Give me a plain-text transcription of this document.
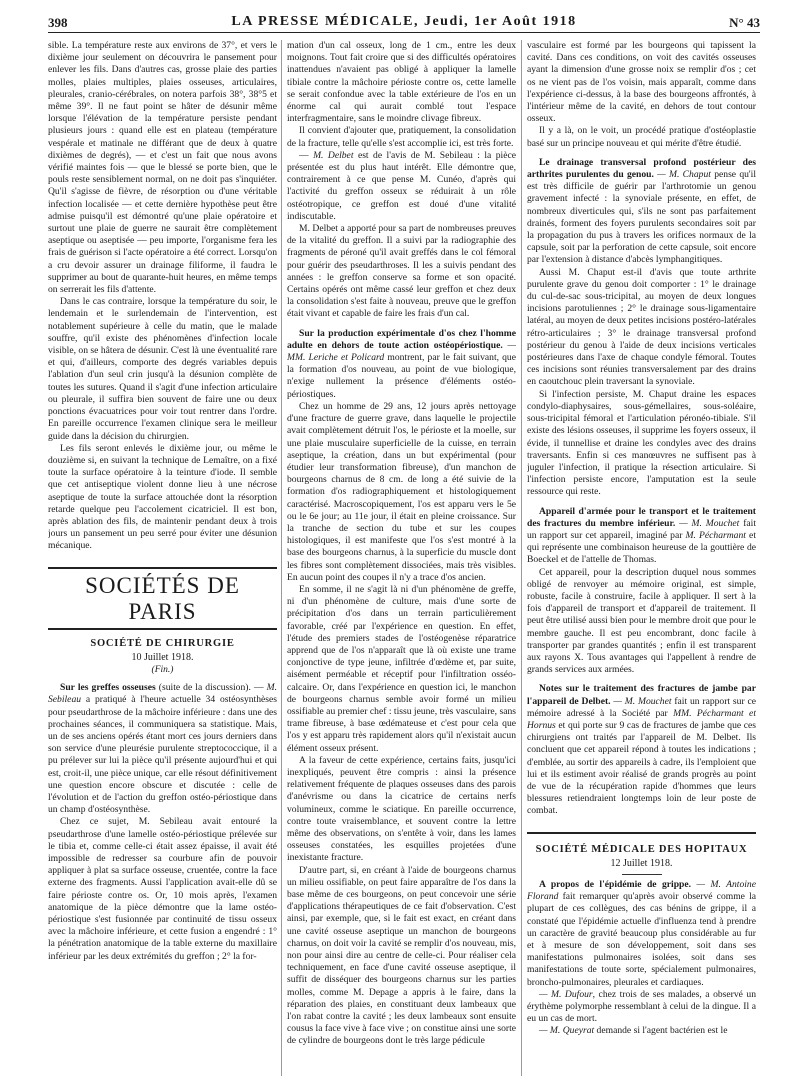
398	LA PRESSE MÉDICALE, Jeudi, 1er Août 1918	N° 43

sible. La température reste aux environs de 37°, et vers le dixième jour seulement on découvrira le pansement pour enlever les fils. Dans d'autres cas, grosse plaie des parties molles, plaies multiples, plaies osseuses, articulaires, pleurales, cranio-cérébrales, on notera parfois 38°, 38°5 et même 39°. Il ne faut point se hâter de désunir même lorsque l'élévation de la température persiste pendant plusieurs jours : quand elle est en plateau (température vespérale et matinale ne différant que de deux à quatre dixièmes de degrés), — et c'est un fait que nous avons vérifié maintes fois — que le blessé se porte bien, que le pouls reste sensiblement normal, on ne doit pas s'inquiéter. Qu'il s'agisse de fièvre, de résorption ou d'une véritable infection localisée — et cette dernière hypothèse peut être admise puisqu'il est démontré qu'une plaie opératoire et surtout une plaie de guerre ne saurait être complètement aseptique ou aseptisée — peu importe, l'organisme fera les frais de guérison si l'acte opératoire a été correct. Lorsqu'on a cru devoir assurer un drainage filiforme, il faudra le supprimer au bout de quarante-huit heures, en même temps on serrerait les fils d'attente.

Dans le cas contraire, lorsque la température du soir, le lendemain et le surlendemain de l'intervention, est notablement supérieure à celle du matin, que le malade souffre, qu'il existe des phénomènes d'infection locale visible, on se hâtera de désunir. C'est là une éventualité rare et qui, d'ailleurs, comporte des degrés variables depuis l'ablation d'un seul crin jusqu'à la désunion complète de toutes les sutures. Quand il s'agit d'une infection articulaire ou pleurale, il suffira bien souvent de faire une ou deux ponctions évacuatrices pour voir tout rentrer dans l'ordre. En pareille occurrence l'examen clinique sera le meilleur guide dans la décision du chirurgien.

Les fils seront enlevés le dixième jour, ou même le douzième si, en suivant la technique de Lemaître, on a fixé toute la surface opératoire à la teinture d'iode. Il semble que cet antiseptique violent donne lieu à une nécrose aseptique de toute la surface attouchée dont la résorption retarde quelque peu l'accolement cicatriciel. Il est bon, après ablation des fils, de maintenir pendant deux à trois jours un pansement un peu serré pour éviter une désunion mécanique.

SOCIÉTÉS DE PARIS
SOCIÉTÉ DE CHIRURGIE
10 Juillet 1918.
(Fin.)

Sur les greffes osseuses (suite de la discussion). — M. Sebileau a pratiqué à l'heure actuelle 34 ostéosynthèses pour pseudarthrose de la mâchoire inférieure : dans une des prochaines séances, il communiquera sa statistique. Mais, un de ses anciens opérés étant mort ces jours derniers dans son service d'une pleurésie purulente streptococcique, il a pu prélever sur lui la pièce qu'il présente aujourd'hui et qui est, croit-il, une pièce unique, car elle résout définitivement une question encore obscure et discutée : celle de l'évolution et de l'action du greffon ostéo-périostique dans un champ d'ostéosynthèse.

Chez ce sujet, M. Sebileau avait entouré la pseudarthrose d'une lamelle ostéo-périostique prélevée sur le tibia et, comme celle-ci était assez épaisse, il avait été impossible de redresser sa courbure afin de pouvoir appliquer à plat sa surface osseuse, cruentée, contre la face externe des fragments. Aussi l'application avait-elle dû se faire périoste contre os. Or, 10 mois après, l'examen anatomique de la pièce démontre que la lame ostéo-périostique s'est fusionnée par continuité de tissu osseux avec la mâchoire inférieure, et cette fusion a engendré : 1° la pénétration anatomique de la table externe du maxillaire inférieur par les deux extrémités du greffon ; 2° la for-

mation d'un cal osseux, long de 1 cm., entre les deux moignons. Tout fait croire que si des difficultés opératoires inattendues n'avaient pas obligé à appliquer la lamelle tibiale contre la mâchoire périoste contre os, cette lamelle se serait confondue avec la table extérieure de l'os en un énorme cal qui aurait comblé tout l'espace interfragmentaire, sans le moindre clivage fibreux.

Il convient d'ajouter que, pratiquement, la consolidation de la fracture, telle qu'elle s'est accomplie ici, est très forte.

— M. Delbet est de l'avis de M. Sebileau : la pièce présentée est du plus haut intérêt. Elle démontre que, contrairement à ce que pense M. Cunéo, d'après qui l'activité du greffon osseux se réduirait à un rôle ostéotropique, ce greffon est doué d'une vitalité indiscutable.

M. Delbet a apporté pour sa part de nombreuses preuves de la vitalité du greffon. Il a suivi par la radiographie des fragments de péroné qu'il avait greffés dans le col fémoral pour guérir des pseudarthroses. Il les a suivis pendant des années : le greffon conserve sa forme et son opacité. Certains opérés ont même cassé leur greffon et chez deux la consolidation s'est faite à nouveau, preuve que le greffon était vivant et capable de faire les frais d'un cal.

Sur la production expérimentale d'os chez l'homme adulte en dehors de toute action ostéopériostique. — MM. Leriche et Policard montrent, par le fait suivant, que la formation d'os nouveau, au point de vue biologique, n'exige nullement la présence d'éléments ostéo-périostiques.

Chez un homme de 29 ans, 12 jours après nettoyage d'une fracture de guerre grave, dans laquelle le projectile avait complètement détruit l'os, le périoste et la moelle, sur une plaie musculaire superficielle de la cuisse, en terrain aseptique, la création, dans un but expérimental (pour étudier leur transformation fibreuse), d'un manchon de bourgeons charnus de 8 cm. de long a été suivie de la formation d'os radiographiquement et histologiquement caractérisé. Macroscopiquement, l'os est apparu vers le 5e ou le 6e jour; au 11e jour, il était en pleine croissance. Sur la tranche de section du tube et sur les coupes histologiques, il est manifeste que l'os s'est montré à la base des bourgeons charnus, à la superficie du muscle dont les fibres sont complètement dissociées, mais très visibles. En aucun point des coupes il n'y a trace d'os ancien.

En somme, il ne s'agit là ni d'un phénomène de greffe, ni d'un phénomène de culture, mais d'une sorte de précipitation d'os dans un terrain particulièrement favorable, créé par l'expérience en question. En effet, l'étude des premiers stades de l'ostéogenèse réparatrice apprend que de l'os n'apparaît que là où existe une trame conjonctive de type jeune, infiltrée d'œdème et, par suite, aisément perméable et réceptif pour l'infiltration osséo-calcaire. Or, dans l'expérience en question ici, le manchon de bourgeons charnus semble avoir formé un milieu ossifiable au premier chef : tissu jeune, très vasculaire, sans trame fibreuse, à base œdémateuse et c'est pour cela que l'os y est apparu très rapidement alors qu'il n'existait aucun élément osseux présent.

A la faveur de cette expérience, certains faits, jusqu'ici inexpliqués, peuvent être compris : ainsi la présence relativement fréquente de plaques osseuses dans des parois d'anévrisme ou dans la cicatrice de certains nerfs volumineux, comme le sciatique. En pareille occurrence, contre toute vraisemblance, et souvent contre la lettre même des observations, on s'entête à voir, dans les lames osseuses constatées, les esquilles projetées d'une inexistante fracture.

D'autre part, si, en créant à l'aide de bourgeons charnus un milieu ossifiable, on peut faire apparaître de l'os dans la base même de ces bourgeons, on peut concevoir une série d'applications thérapeutiques de ce fait d'observation. C'est ainsi, par exemple, que, si le fait est exact, en créant dans une cavité osseuse aseptique un manchon de bourgeons charnus, on doit voir la cavité se remplir d'os nouveau, mis, non pour ainsi dire au centre de celle-ci. Pour réaliser cela techniquement, en face d'une cavité osseuse aseptique, il suffit de disséquer des bourgeons charnus sur les parties molles, comme M. Depage a appris à le faire, dans la réparation des plaies, en constituant deux lambeaux que l'on rabat contre la cavité ; les deux lambeaux sont ensuite cousus la face vive à face vive ; on constitue ainsi une sorte de cylindre de bourgeons dont le très large pédicule

vasculaire est formé par les bourgeons qui tapissent la cavité. Dans ces conditions, on voit des cavités osseuses ayant la dimension d'une grosse noix se remplir d'os ; cet os ne vient pas de l'os voisin, mais apparaît, comme dans l'expérience ci-dessus, à la base des bourgeons affrontés, à l'intérieur même de la cavité, en dehors de tout contour osseux.

Il y a là, on le voit, un procédé pratique d'ostéoplastie basé sur un principe nouveau et qui mérite d'être étudié.

Le drainage transversal profond postérieur des arthrites purulentes du genou. — M. Chaput pense qu'il est très difficile de guérir par l'arthrotomie un genou gravement infecté : la synoviale présente, en effet, de nombreux diverticules qui, s'ils ne sont pas parfaitement drainés, forment des foyers purulents secondaires soit par la propagation du pus à travers les orifices normaux de la capsule, soit par la perforation de cette capsule, soit encore par l'extension à distance d'abcès lymphangitiques.

Aussi M. Chaput est-il d'avis que toute arthrite purulente grave du genou doit comporter : 1° le drainage du cul-de-sac sous-tricipital, au moyen de deux longues incisions parotuliennes ; 2° le drainage sous-ligamentaire latéral, au moyen de deux petites incisions postéro-latérales rétro-articulaires ; 3° le drainage transversal profond postérieur du genou à l'aide de deux incisions verticales postérieures dans l'axe de chaque condyle fémoral. Toutes ces incisions sont réunies transversalement par des drains en caoutchouc plein traversant la synoviale.

Si l'infection persiste, M. Chaput draine les espaces condylo-diaphysaires, sous-gémellaires, sous-soléaire, sous-tricipital fémoral et l'articulation péronéo-tibiale. S'il existe des lésions osseuses, il supprime les foyers osseux, il évide, il tunnellise et draine les condyles avec des drains traversants. Enfin si ces manœuvres ne suffisent pas à juguler l'infection, il pratique la résection articulaire. Si l'infection persiste encore, l'amputation est la seule ressource qui reste.

Appareil d'armée pour le transport et le traitement des fractures du membre inférieur. — M. Mouchet fait un rapport sur cet appareil, imaginé par M. Pécharmant et qui représente une combinaison heureuse de la gouttière de Boeckel et de l'attelle de Thomas.

Cet appareil, pour la description duquel nous sommes obligé de renvoyer au mémoire original, est simple, robuste, facile à construire, facile à appliquer. Il sert à la fois d'appareil de transport et d'appareil de traitement. Il peut être utilisé aussi bien pour le membre droit que pour le membre gauche. Il est peu encombrant, donc facile à transporter par grandes quantités ; enfin il est transparent aux rayons X. Tous avantages qui l'appellent à rendre de grands services aux armées.

Notes sur le traitement des fractures de jambe par l'appareil de Delbet. — M. Mouchet fait un rapport sur ce mémoire adressé à la Société par MM. Pécharmant et Hornus et qui porte sur 9 cas de fractures de jambe que ces chirurgiens ont traités par l'appareil de M. Delbet. Ils concluent que cet appareil répond à toutes les indications ; d'emblée, au sortir des appareils à cadre, ils l'emploient que lui et ils estiment avoir réalisé de grands progrès au point de vue de la récupération rapide d'hommes que leurs blessures retiendraient longtemps loin de leur poste de combat.

SOCIÉTÉ MÉDICALE DES HOPITAUX
12 Juillet 1918.

A propos de l'épidémie de grippe. — M. Antoine Florand fait remarquer qu'après avoir observé comme la plupart de ces collègues, des cas bénins de grippe, il a constaté que l'épidémie actuelle d'influenza tend à prendre un caractère de gravité beaucoup plus considérable au fur et à mesure de son développement, soit dans ses manifestations pulmonaires isolées, soit dans ses manifestations de toute sorte, spécialement pulmonaires, broncho-pulmonaires, pleurales et cardiaques.

— M. Dufour, chez trois de ses malades, a observé un érythème polymorphe ressemblant à celui de la dingue. Il a eu un cas de mort.

— M. Queyrat demande si l'agent bactérien est le
